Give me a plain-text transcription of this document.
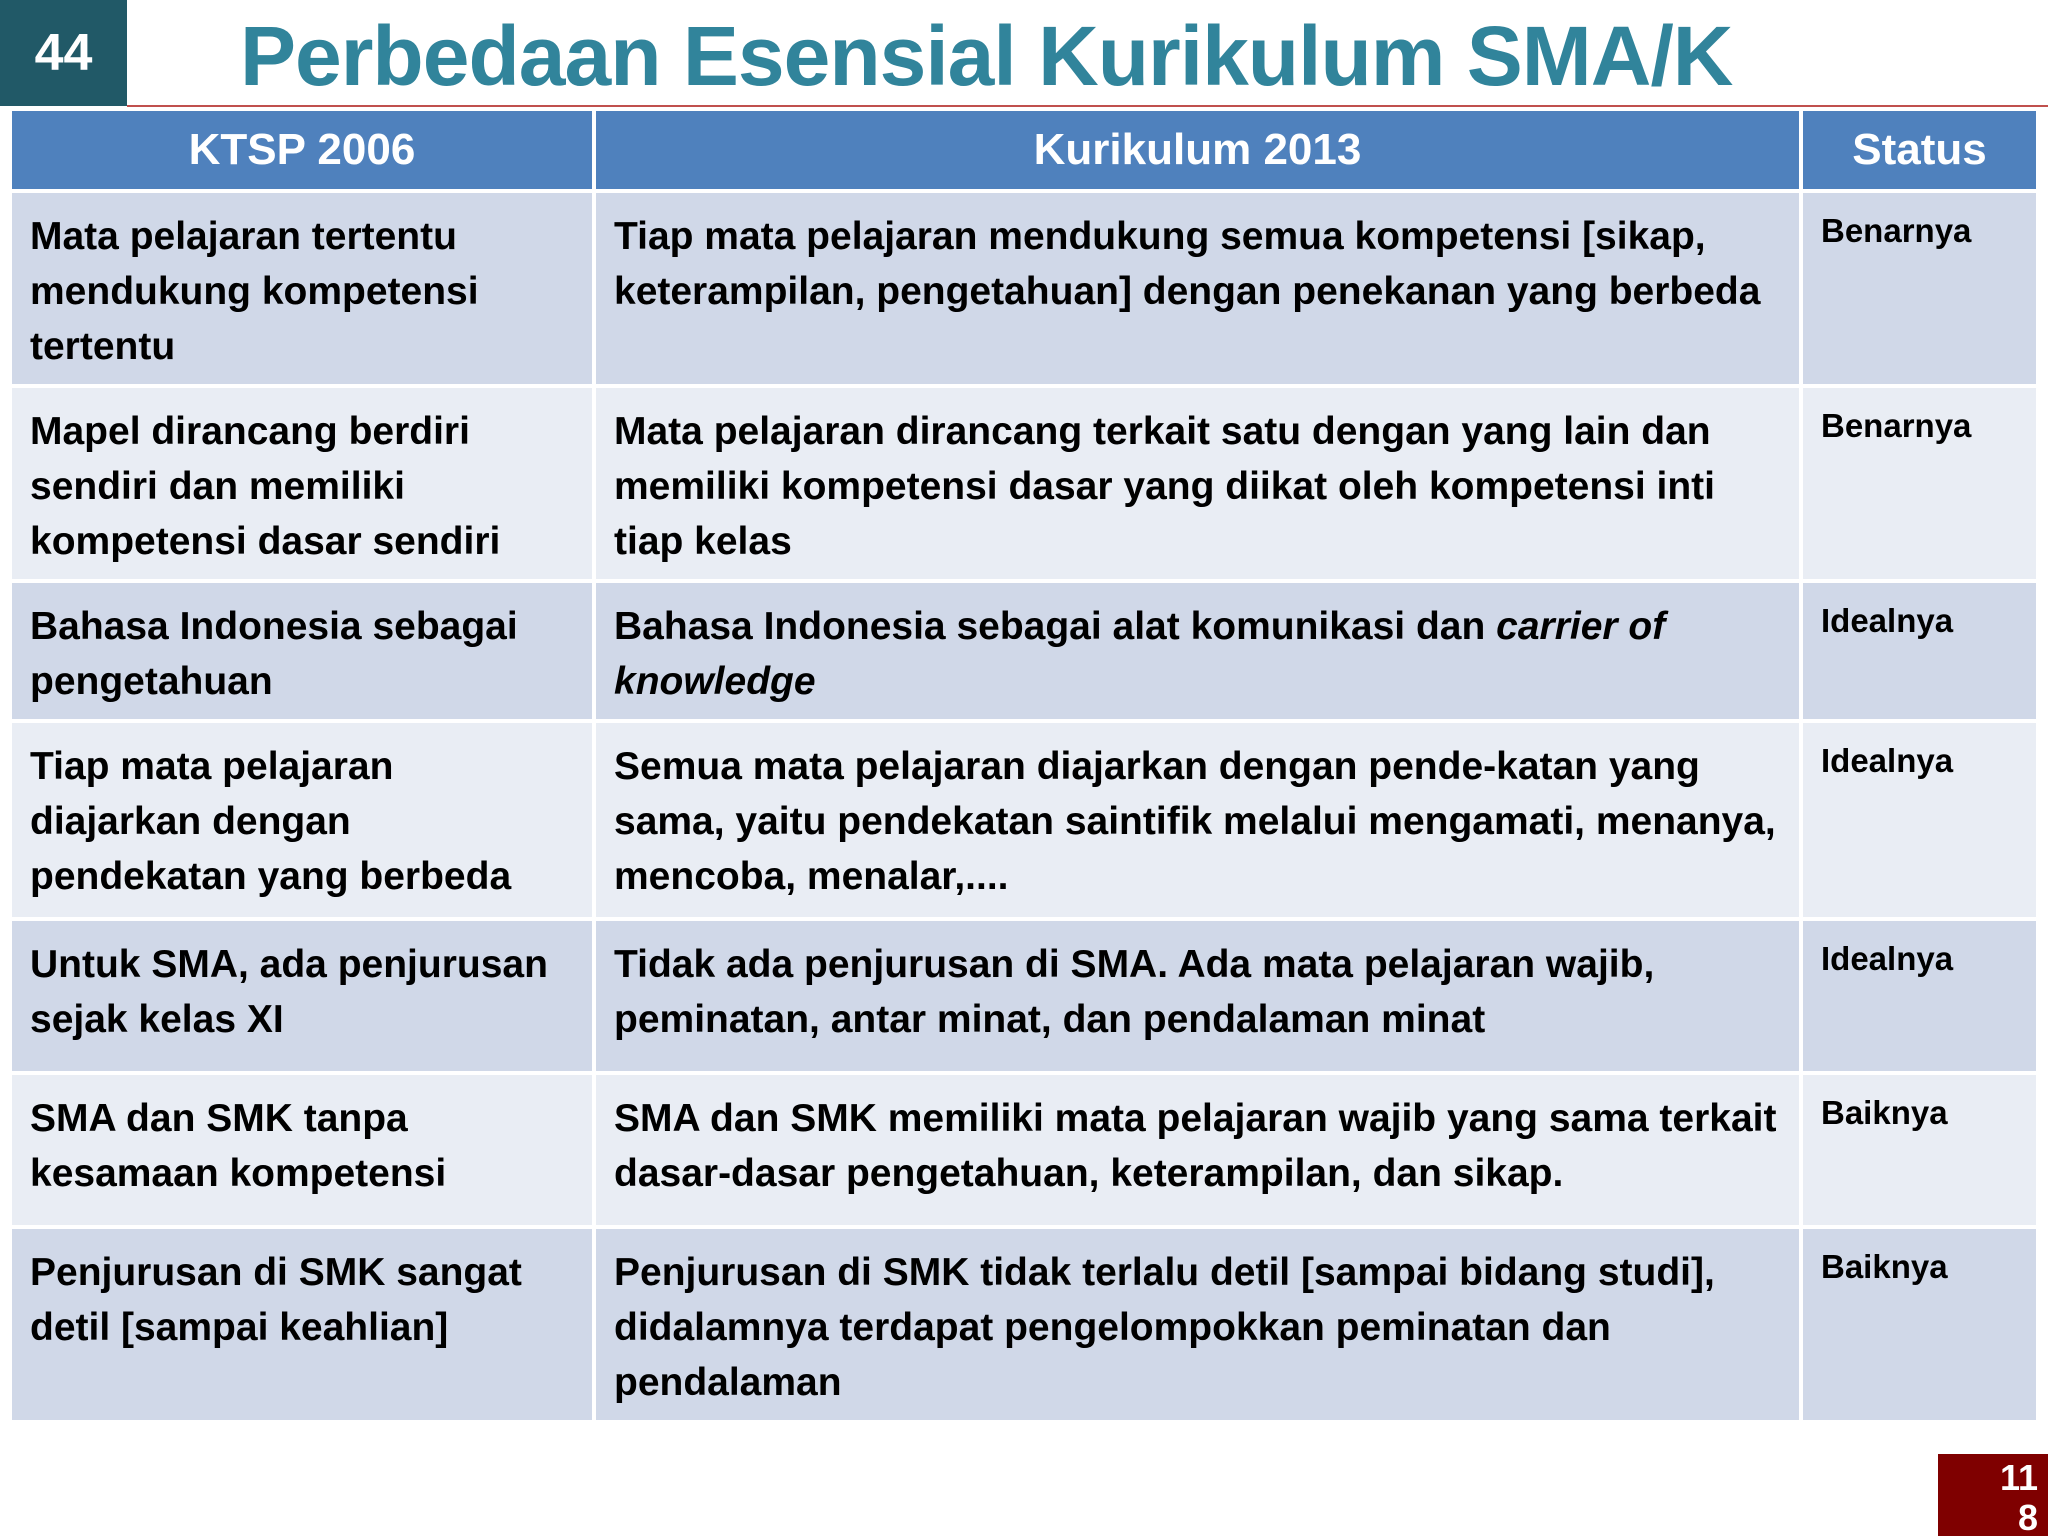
44	Perbedaan Esensial Kurikulum SMA/K
KTSP 2006	Kurikulum 2013	Status
Mata pelajaran tertentu mendukung kompetensi tertentu	Tiap mata pelajaran mendukung semua kompetensi [sikap, keterampilan, pengetahuan] dengan penekanan yang berbeda	Benarnya
Mapel dirancang berdiri sendiri dan memiliki kompetensi dasar sendiri	Mata pelajaran dirancang terkait satu dengan yang lain dan memiliki kompetensi dasar yang diikat oleh kompetensi inti tiap kelas	Benarnya
Bahasa Indonesia sebagai pengetahuan	Bahasa Indonesia sebagai alat komunikasi dan carrier of knowledge	Idealnya
Tiap mata pelajaran diajarkan dengan pendekatan yang berbeda	Semua mata pelajaran diajarkan dengan pende-katan yang sama, yaitu pendekatan saintifik melalui mengamati, menanya, mencoba, menalar,....	Idealnya
Untuk SMA, ada penjurusan sejak kelas XI	Tidak ada penjurusan di SMA. Ada mata pelajaran wajib, peminatan, antar minat, dan pendalaman minat	Idealnya
SMA dan SMK tanpa kesamaan kompetensi	SMA dan SMK memiliki mata pelajaran wajib yang sama terkait dasar-dasar pengetahuan, keterampilan, dan sikap.	Baiknya
Penjurusan di SMK sangat detil [sampai keahlian]	Penjurusan di SMK tidak terlalu detil [sampai bidang studi], didalamnya terdapat pengelompokkan peminatan dan pendalaman	Baiknya
11
8
